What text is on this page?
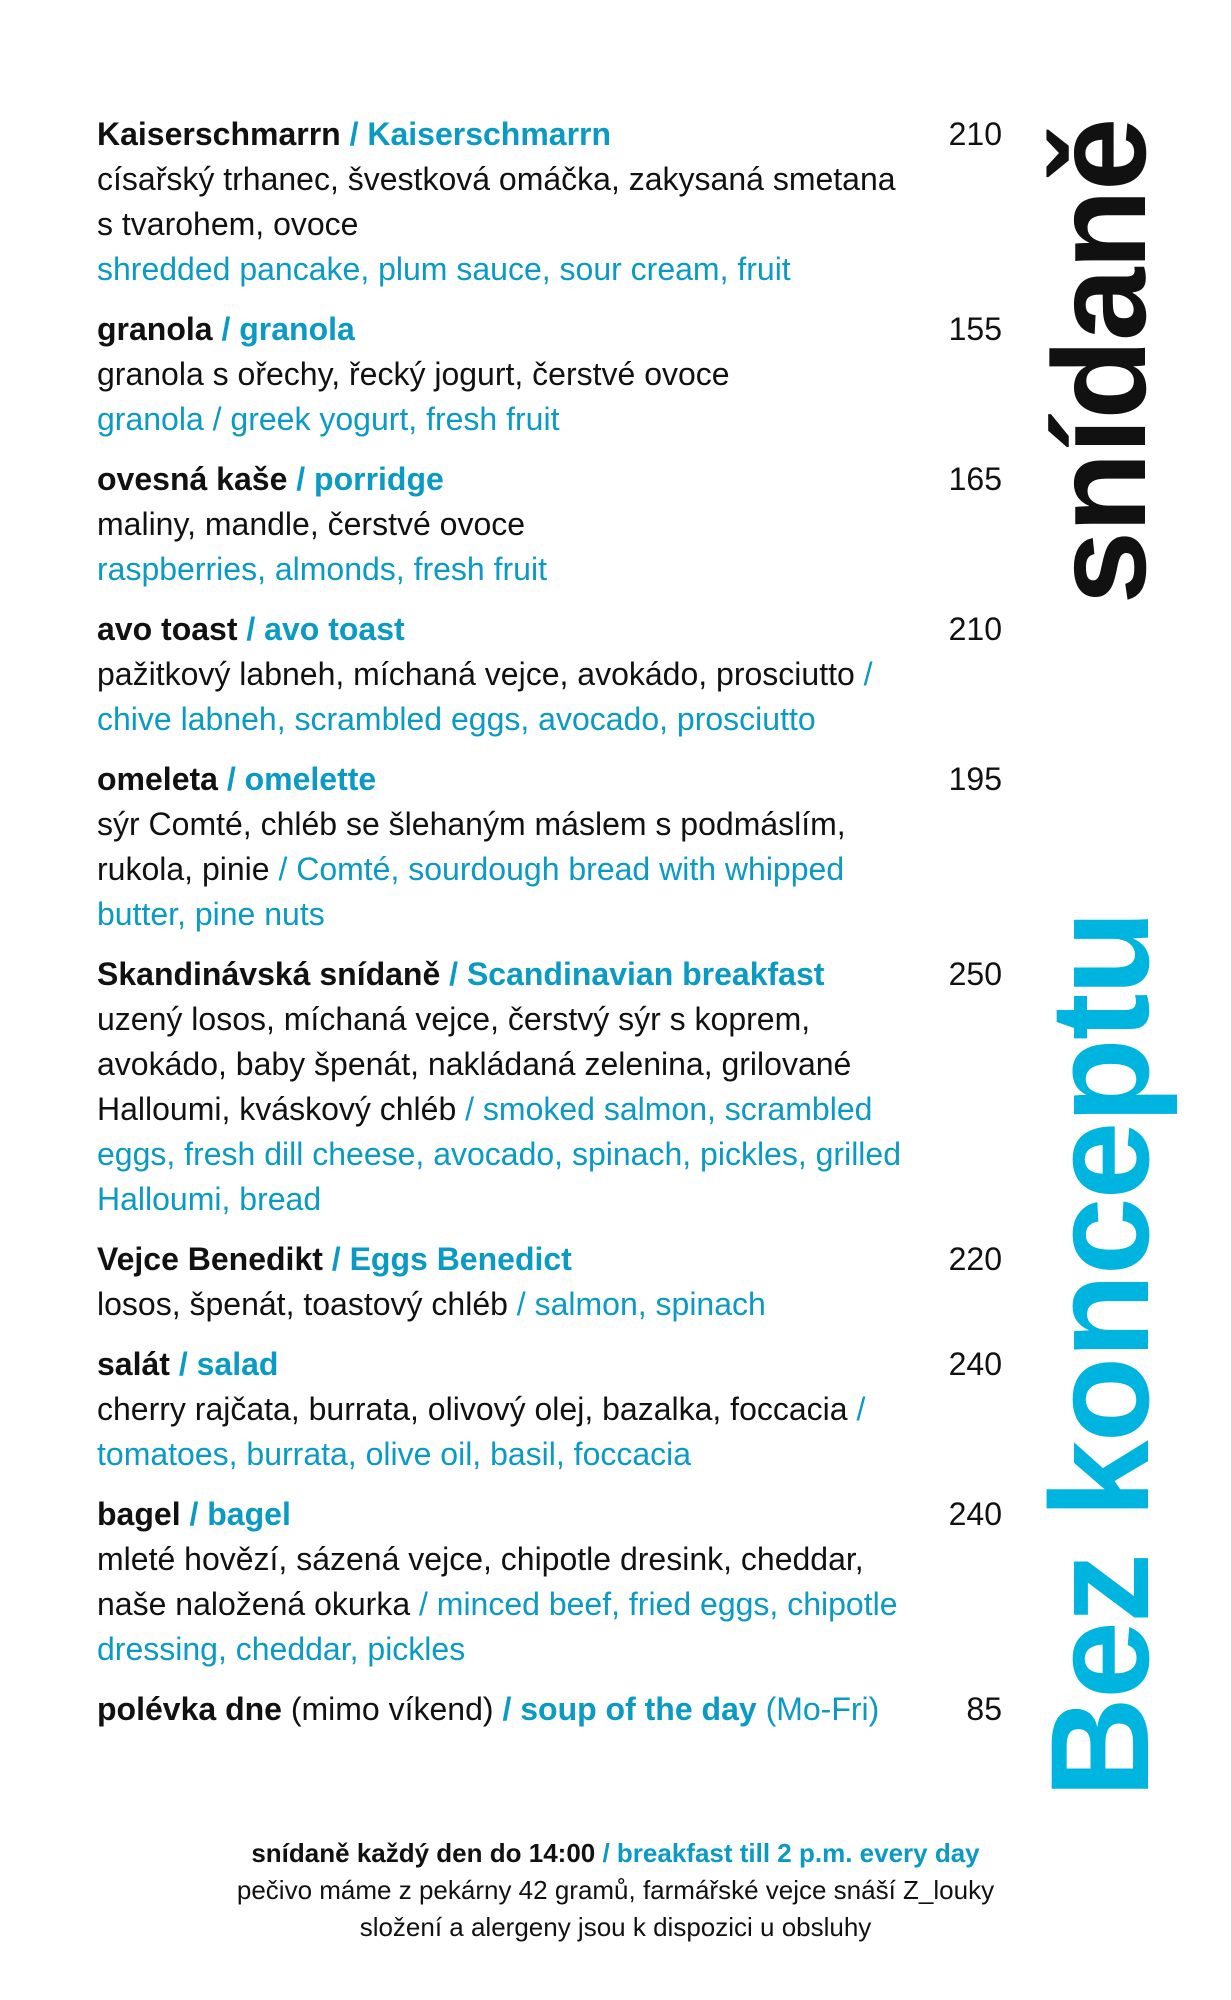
Kaiserschmarrn / Kaiserschmarrn	210
císařský trhanec, švestková omáčka, zakysaná smetana s tvarohem, ovoce
shredded pancake, plum sauce, sour cream, fruit
granola / granola	155
granola s ořechy, řecký jogurt, čerstvé ovoce
granola / greek yogurt, fresh fruit
ovesná kaše / porridge	165
maliny, mandle, čerstvé ovoce
raspberries, almonds, fresh fruit
avo toast / avo toast	210
pažitkový labneh, míchaná vejce, avokádo, prosciutto / chive labneh, scrambled eggs, avocado, prosciutto
omeleta / omelette	195
sýr Comté, chléb se šlehaným máslem s podmáslím, rukola, pinie / Comté, sourdough bread with whipped butter, pine nuts
Skandinávská snídaně / Scandinavian breakfast	250
uzený losos, míchaná vejce, čerstvý sýr s koprem, avokádo, baby špenát, nakládaná zelenina, grilované Halloumi, kváskový chléb / smoked salmon, scrambled eggs, fresh dill cheese, avocado, spinach, pickles, grilled Halloumi, bread
Vejce Benedikt / Eggs Benedict	220
losos, špenát, toastový chléb / salmon, spinach
salát / salad	240
cherry rajčata, burrata, olivový olej, bazalka, foccacia / tomatoes, burrata, olive oil, basil, foccacia
bagel / bagel	240
mleté hovězí, sázená vejce, chipotle dresink, cheddar, naše naložená okurka / minced beef, fried eggs, chipotle dressing, cheddar, pickles
polévka dne (mimo víkend) / soup of the day (Mo-Fri)	85
snídaně
Bez konceptu
snídaně každý den do 14:00 / breakfast till 2 p.m. every day
pečivo máme z pekárny 42 gramů, farmářské vejce snáší Z_louky
složení a alergeny jsou k dispozici u obsluhy
